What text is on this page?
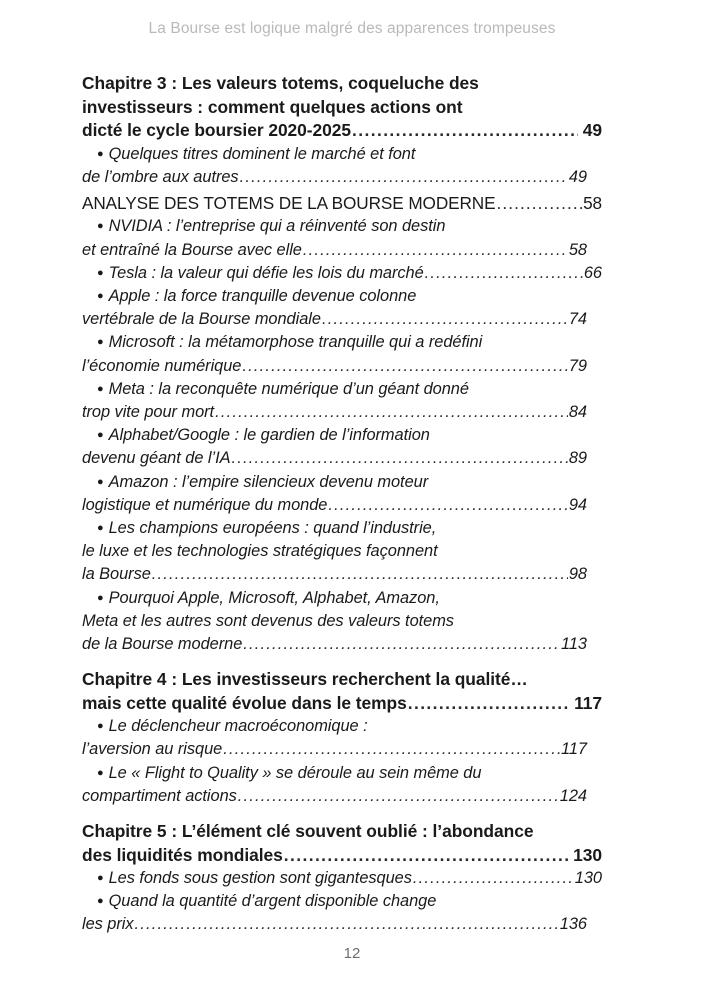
La Bourse est logique malgré des apparences trompeuses
Chapitre 3 : Les valeurs totems, coqueluche des
investisseurs : comment quelques actions ont
dicté le cycle boursier 2020-2025 .....	49
● Quelques titres dominent le marché et font
de l’ombre aux autres .....	49
ANALYSE DES TOTEMS DE LA BOURSE MODERNE .....	58
● NVIDIA : l’entreprise qui a réinventé son destin
et entraîné la Bourse avec elle .....	58
● Tesla : la valeur qui défie les lois du marché .....	66
● Apple : la force tranquille devenue colonne
vertébrale de la Bourse mondiale .....	74
● Microsoft : la métamorphose tranquille qui a redéfini
l’économie numérique .....	79
● Meta : la reconquête numérique d’un géant donné
trop vite pour mort .....	84
● Alphabet/Google : le gardien de l’information
devenu géant de l’IA .....	89
● Amazon : l’empire silencieux devenu moteur
logistique et numérique du monde .....	94
● Les champions européens : quand l’industrie,
le luxe et les technologies stratégiques façonnent
la Bourse .....	98
● Pourquoi Apple, Microsoft, Alphabet, Amazon,
Meta et les autres sont devenus des valeurs totems
de la Bourse moderne .....	113
Chapitre 4 : Les investisseurs recherchent la qualité…
mais cette qualité évolue dans le temps .....	117
● Le déclencheur macroéconomique :
l’aversion au risque .....	117
● Le « Flight to Quality » se déroule au sein même du
compartiment actions .....	124
Chapitre 5 : L’élément clé souvent oublié : l’abondance
des liquidités mondiales .....	130
● Les fonds sous gestion sont gigantesques .....	130
● Quand la quantité d’argent disponible change
les prix .....	136
12
